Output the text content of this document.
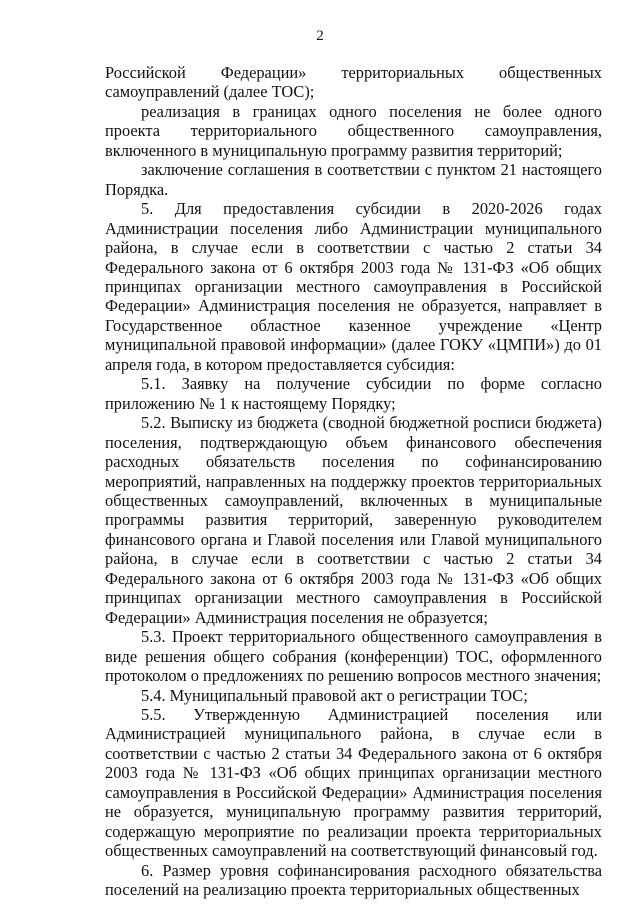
2

Российской Федерации» территориальных общественных самоуправлений (далее ТОС);

реализация в границах одного поселения не более одного проекта территориального общественного самоуправления, включенного в муниципальную программу развития территорий;

заключение соглашения в соответствии с пунктом 21 настоящего Порядка.

5. Для предоставления субсидии в 2020-2026 годах Администрации поселения либо Администрации муниципального района, в случае если в соответствии с частью 2 статьи 34 Федерального закона от 6 октября 2003 года № 131-ФЗ «Об общих принципах организации местного самоуправления в Российской Федерации» Администрация поселения не образуется, направляет в Государственное областное казенное учреждение «Центр муниципальной правовой информации» (далее ГОКУ «ЦМПИ») до 01 апреля года, в котором предоставляется субсидия:

5.1. Заявку на получение субсидии по форме согласно приложению № 1 к настоящему Порядку;

5.2. Выписку из бюджета (сводной бюджетной росписи бюджета) поселения, подтверждающую объем финансового обеспечения расходных обязательств поселения по софинансированию мероприятий, направленных на поддержку проектов территориальных общественных самоуправлений, включенных в муниципальные программы развития территорий, заверенную руководителем финансового органа и Главой поселения или Главой муниципального района, в случае если в соответствии с частью 2 статьи 34 Федерального закона от 6 октября 2003 года № 131-ФЗ «Об общих принципах организации местного самоуправления в Российской Федерации» Администрация поселения не образуется;

5.3. Проект территориального общественного самоуправления в виде решения общего собрания (конференции) ТОС, оформленного протоколом о предложениях по решению вопросов местного значения;

5.4. Муниципальный правовой акт о регистрации ТОС;

5.5. Утвержденную Администрацией поселения или Администрацией муниципального района, в случае если в соответствии с частью 2 статьи 34 Федерального закона от 6 октября 2003 года № 131-ФЗ «Об общих принципах организации местного самоуправления в Российской Федерации» Администрация поселения не образуется, муниципальную программу развития территорий, содержащую мероприятие по реализации проекта территориальных общественных самоуправлений на соответствующий финансовый год.

6. Размер уровня софинансирования расходного обязательства поселений на реализацию проекта территориальных общественных
